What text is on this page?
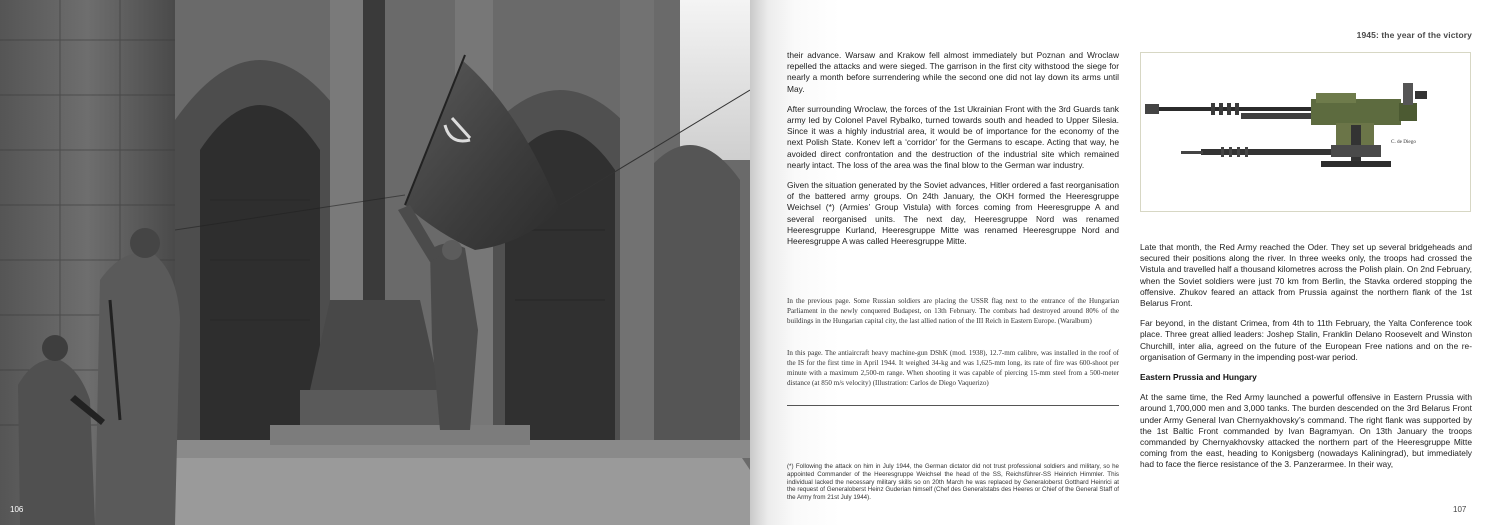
106
1945: the year of the victory

their advance. Warsaw and Krakow fell almost immediately but Poznan and Wroclaw repelled the attacks and were sieged. The garrison in the first city withstood the siege for nearly a month before surrendering while the second one did not lay down its arms until May.

After surrounding Wroclaw, the forces of the 1st Ukrainian Front with the 3rd Guards tank army led by Colonel Pavel Rybalko, turned towards south and headed to Upper Silesia. Since it was a highly industrial area, it would be of importance for the economy of the next Polish State. Konev left a ‘corridor’ for the Germans to escape. Acting that way, he avoided direct confrontation and the destruction of the industrial site which remained nearly intact. The loss of the area was the final blow to the German war industry.

Given the situation generated by the Soviet advances, Hitler ordered a fast reorganisation of the battered army groups. On 24th January, the OKH formed the Heeresgruppe Weichsel (*) (Armies’ Group Vistula) with forces coming from Heeresgruppe A and several reorganised units. The next day, Heeresgruppe Nord was renamed Heeresgruppe Kurland, Heeresgruppe Mitte was renamed Heeresgruppe Nord and Heeresgruppe A was called Heeresgruppe Mitte.

In the previous page. Some Russian soldiers are placing the USSR flag next to the entrance of the Hungarian Parliament in the newly conquered Budapest, on 13th February. The combats had destroyed around 80% of the buildings in the Hungarian capital city, the last allied nation of the III Reich in Eastern Europe. (Waralbum)
In this page. The antiaircraft heavy machine-gun DShK (mod. 1938), 12.7-mm calibre, was installed in the roof of the IS for the first time in April 1944. It weighed 34-kg and was 1,625-mm long, its rate of fire was 600-shoot per minute with a maximum 2,500-m range. When shooting it was capable of piercing 15-mm steel from a 500-meter distance (at 850 m/s velocity) (Illustration: Carlos de Diego Vaquerizo)
(*) Following the attack on him in July 1944, the German dictator did not trust professional soldiers and military, so he appointed Commander of the Heeresgruppe Weichsel the head of the SS, Reichsführer-SS Heinrich Himmler. This individual lacked the necessary military skills so on 20th March he was replaced by Generaloberst Gotthard Heinrici at the request of Generaloberst Heinz Guderian himself (Chef des Generalstabs des Heeres or Chief of the General Staff of the Army from 21st July 1944).
C. de Diego

Late that month, the Red Army reached the Oder. They set up several bridgeheads and secured their positions along the river. In three weeks only, the troops had crossed the Vistula and travelled half a thousand kilometres across the Polish plain. On 2nd February, when the Soviet soldiers were just 70 km from Berlin, the Stavka ordered stopping the offensive. Zhukov feared an attack from Prussia against the northern flank of the 1st Belarus Front.

Far beyond, in the distant Crimea, from 4th to 11th February, the Yalta Conference took place. Three great allied leaders: Joshep Stalin, Franklin Delano Roosevelt and Winston Churchill, inter alia, agreed on the future of the European Free nations and on the re-organisation of Germany in the impending post-war period.

Eastern Prussia and Hungary

At the same time, the Red Army launched a powerful offensive in Eastern Prussia with around 1,700,000 men and 3,000 tanks. The burden descended on the 3rd Belarus Front under Army General Ivan Chernyakhovsky’s command. The right flank was supported by the 1st Baltic Front commanded by Ivan Bagramyan. On 13th January the troops commanded by Chernyakhovsky attacked the northern part of the Heeresgruppe Mitte coming from the east, heading to Konigsberg (nowadays Kaliningrad), but immediately had to face the fierce resistance of the 3. Panzerarmee. In their way,

107
